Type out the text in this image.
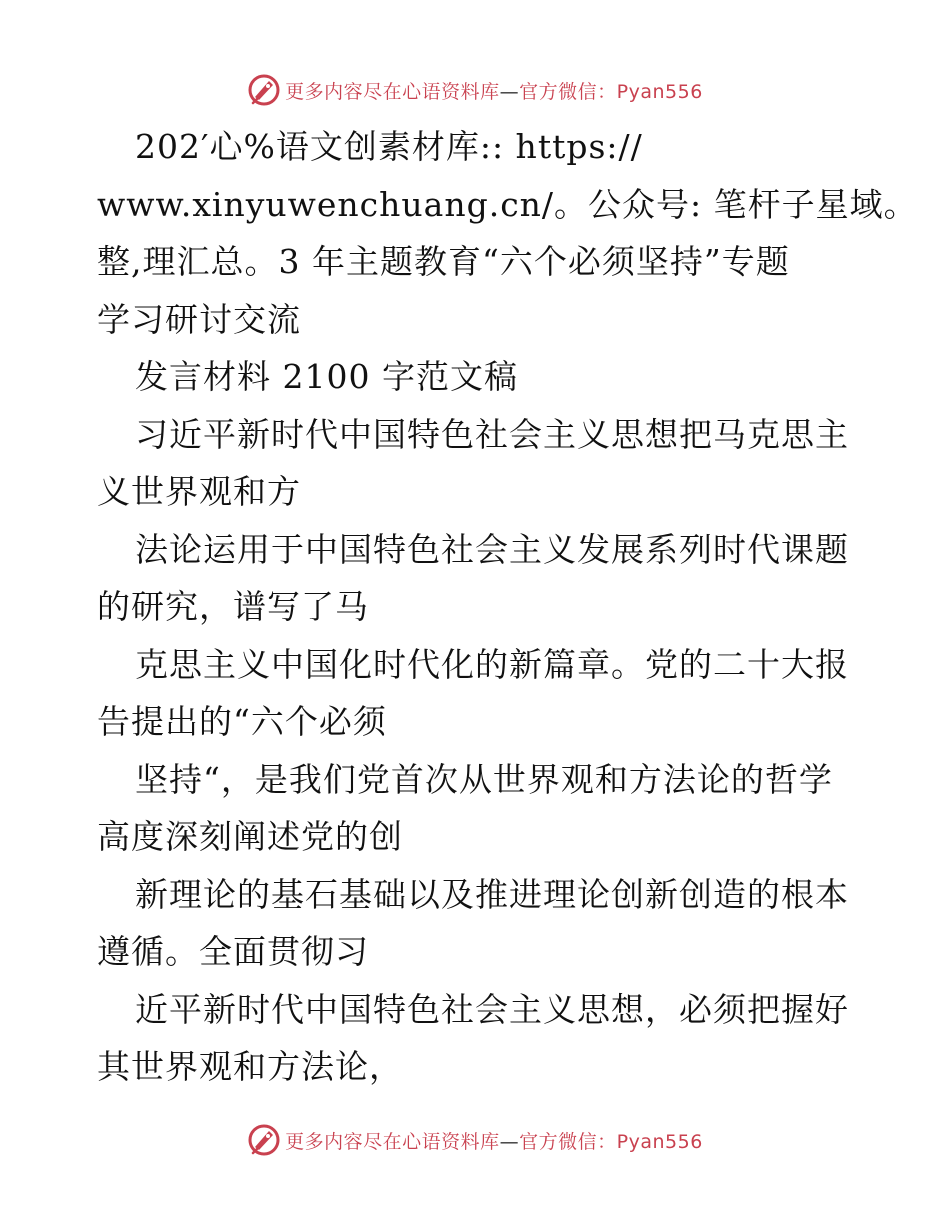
更多内容尽在心语资料库—官方微信：Pyan556
202′心%语文创素材库:: https://
www.xinyuwenchuang.cn/。公众号: 笔杆子星域。
整,理汇总。3 年主题教育“六个必须坚持”专题
学习研讨交流
发言材料 2100 字范文稿
习近平新时代中国特色社会主义思想把马克思主
义世界观和方
法论运用于中国特色社会主义发展系列时代课题
的研究，谱写了马
克思主义中国化时代化的新篇章。党的二十大报
告提出的“六个必须
坚持“，是我们党首次从世界观和方法论的哲学
高度深刻阐述党的创
新理论的基石基础以及推进理论创新创造的根本
遵循。全面贯彻习
近平新时代中国特色社会主义思想，必须把握好
其世界观和方法论，
更多内容尽在心语资料库—官方微信：Pyan556
